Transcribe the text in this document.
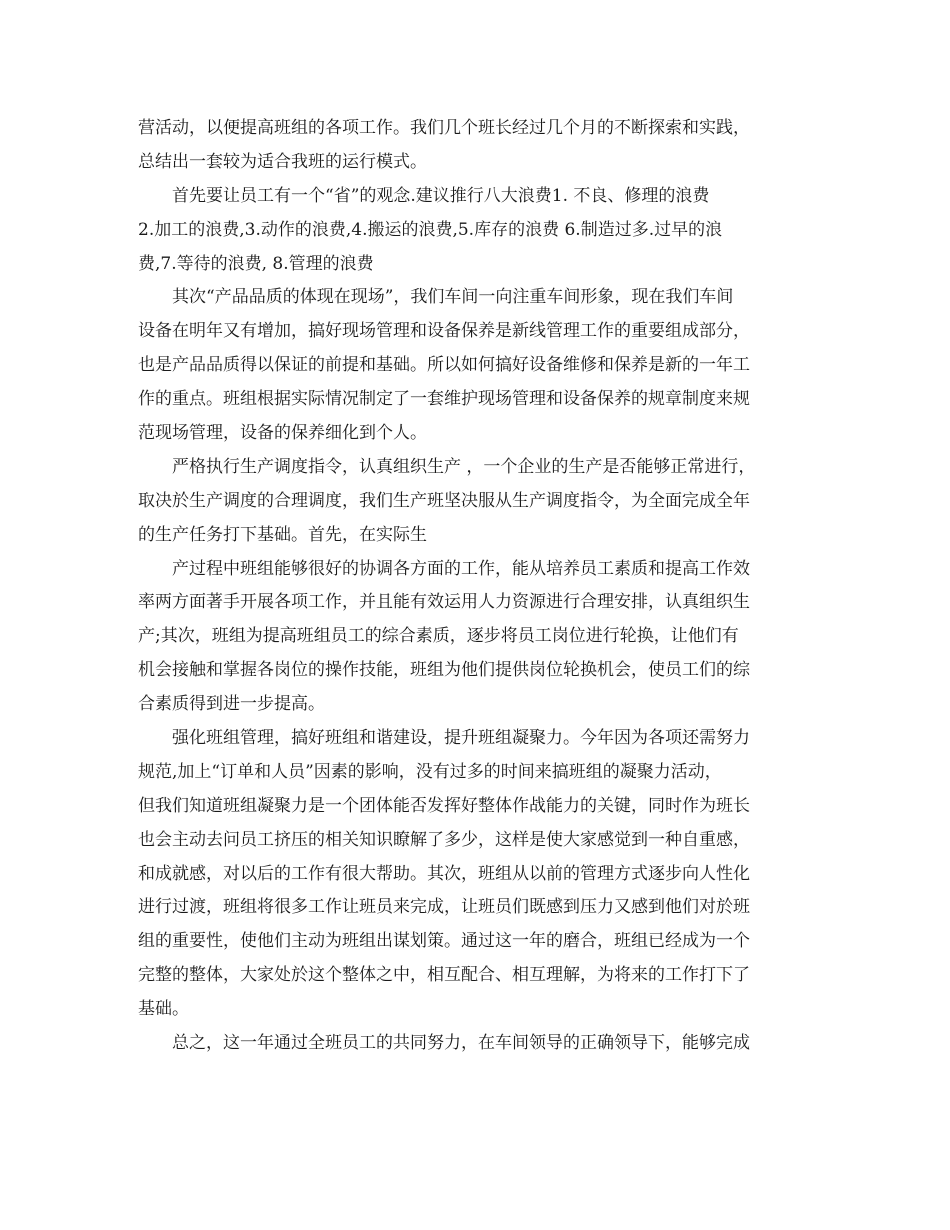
营活动，以便提高班组的各项工作。我们几个班长经过几个月的不断探索和实践，
总结出一套较为适合我班的运行模式。
首先要让员工有一个“省”的观念.建议推行八大浪费1. 不良、修理的浪费
2.加工的浪费,3.动作的浪费,4.搬运的浪费,5.库存的浪费 6.制造过多.过早的浪
费,7.等待的浪费, 8.管理的浪费
其次“产品品质的体现在现场”，我们车间一向注重车间形象，现在我们车间
设备在明年又有增加，搞好现场管理和设备保养是新线管理工作的重要组成部分，
也是产品品质得以保证的前提和基础。所以如何搞好设备维修和保养是新的一年工
作的重点。班组根据实际情况制定了一套维护现场管理和设备保养的规章制度来规
范现场管理，设备的保养细化到个人。
严格执行生产调度指令，认真组织生产 ，一个企业的生产是否能够正常进行，
取决於生产调度的合理调度，我们生产班坚决服从生产调度指令，为全面完成全年
的生产任务打下基础。首先，在实际生
产过程中班组能够很好的协调各方面的工作，能从培养员工素质和提高工作效
率两方面著手开展各项工作，并且能有效运用人力资源进行合理安排，认真组织生
产;其次，班组为提高班组员工的综合素质，逐步将员工岗位进行轮换，让他们有
机会接触和掌握各岗位的操作技能，班组为他们提供岗位轮换机会，使员工们的综
合素质得到进一步提高。
强化班组管理，搞好班组和谐建设，提升班组凝聚力。今年因为各项还需努力
规范,加上“订单和人员”因素的影响，没有过多的时间来搞班组的凝聚力活动，
但我们知道班组凝聚力是一个团体能否发挥好整体作战能力的关键，同时作为班长
也会主动去问员工挤压的相关知识瞭解了多少，这样是使大家感觉到一种自重感，
和成就感，对以后的工作有很大帮助。其次，班组从以前的管理方式逐步向人性化
进行过渡，班组将很多工作让班员来完成，让班员们既感到压力又感到他们对於班
组的重要性，使他们主动为班组出谋划策。通过这一年的磨合，班组已经成为一个
完整的整体，大家处於这个整体之中，相互配合、相互理解，为将来的工作打下了
基础。
总之，这一年通过全班员工的共同努力，在车间领导的正确领导下，能够完成
